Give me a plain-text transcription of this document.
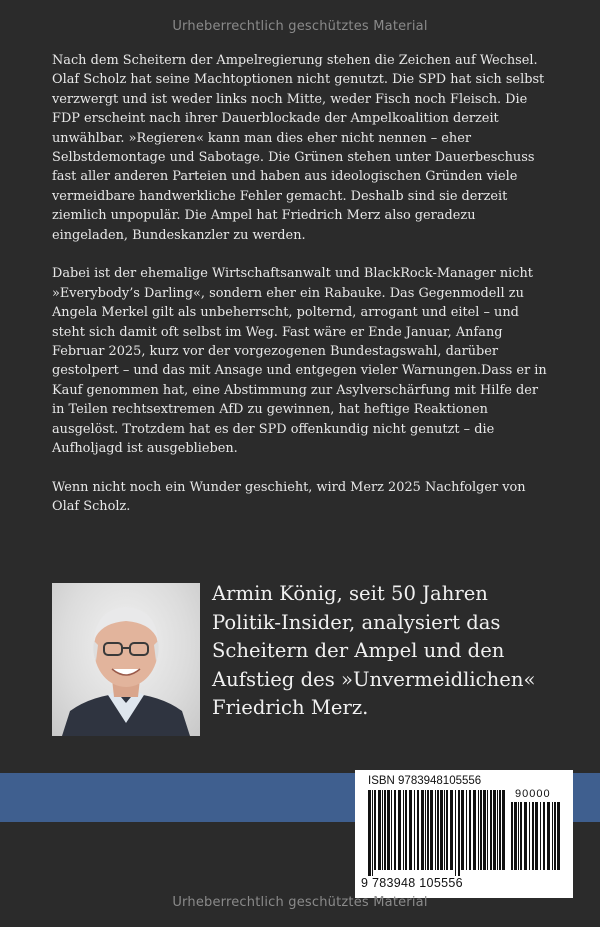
Urheberrechtlich geschütztes Material

Nach dem Scheitern der Ampelregierung stehen die Zeichen auf Wechsel. Olaf Scholz hat seine Machtoptionen nicht genutzt. Die SPD hat sich selbst verzwergt und ist weder links noch Mitte, weder Fisch noch Fleisch. Die FDP erscheint nach ihrer Dauerblockade der Ampelkoalition derzeit unwählbar. »Regieren« kann man dies eher nicht nennen – eher Selbstdemontage und Sabotage. Die Grünen stehen unter Dauerbeschuss fast aller anderen Parteien und haben aus ideologischen Gründen viele vermeidbare handwerkliche Fehler gemacht. Deshalb sind sie derzeit ziemlich unpopulär. Die Ampel hat Friedrich Merz also geradezu eingeladen, Bundeskanzler zu werden.

Dabei ist der ehemalige Wirtschaftsanwalt und BlackRock-Manager nicht »Everybody’s Darling«, sondern eher ein Rabauke. Das Gegenmodell zu Angela Merkel gilt als unbeherrscht, polternd, arrogant und eitel – und steht sich damit oft selbst im Weg. Fast wäre er Ende Januar, Anfang Februar 2025, kurz vor der vorgezogenen Bundestagswahl, darüber gestolpert – und das mit Ansage und entgegen vieler Warnungen.Dass er in Kauf genommen hat, eine Abstimmung zur Asylverschärfung mit Hilfe der in Teilen rechtsextremen AfD zu gewinnen, hat heftige Reaktionen ausgelöst. Trotzdem hat es der SPD offenkundig nicht genutzt – die Aufholjagd ist ausgeblieben.

Wenn nicht noch ein Wunder geschieht, wird Merz 2025 Nachfolger von Olaf Scholz.

Armin König, seit 50 Jahren Politik-Insider, analysiert das Scheitern der Ampel und den Aufstieg des »Unvermeidlichen« Friedrich Merz.
ISBN 9783948105556
90000
9 783948 105556
Urheberrechtlich geschütztes Material
